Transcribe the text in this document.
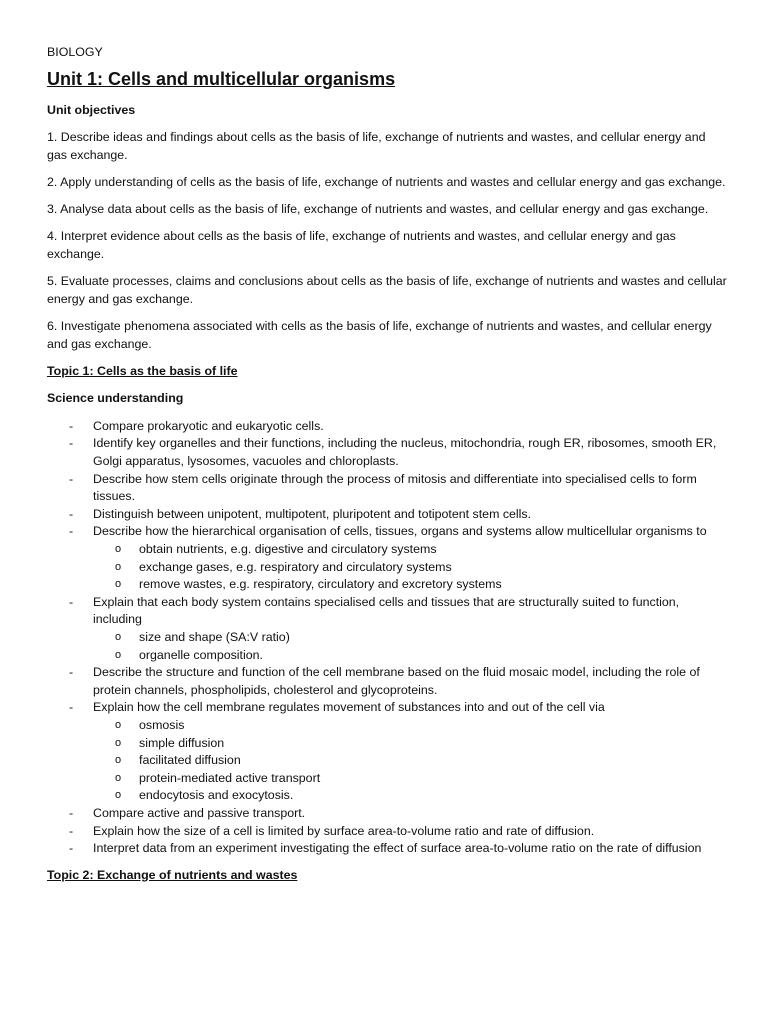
BIOLOGY
Unit 1: Cells and multicellular organisms
Unit objectives
1. Describe ideas and findings about cells as the basis of life, exchange of nutrients and wastes, and cellular energy and gas exchange.
2. Apply understanding of cells as the basis of life, exchange of nutrients and wastes and cellular energy and gas exchange.
3. Analyse data about cells as the basis of life, exchange of nutrients and wastes, and cellular energy and gas exchange.
4. Interpret evidence about cells as the basis of life, exchange of nutrients and wastes, and cellular energy and gas exchange.
5. Evaluate processes, claims and conclusions about cells as the basis of life, exchange of nutrients and wastes and cellular energy and gas exchange.
6. Investigate phenomena associated with cells as the basis of life, exchange of nutrients and wastes, and cellular energy and gas exchange.
Topic 1: Cells as the basis of life
Science understanding
- Compare prokaryotic and eukaryotic cells.
- Identify key organelles and their functions, including the nucleus, mitochondria, rough ER, ribosomes, smooth ER, Golgi apparatus, lysosomes, vacuoles and chloroplasts.
- Describe how stem cells originate through the process of mitosis and differentiate into specialised cells to form tissues.
- Distinguish between unipotent, multipotent, pluripotent and totipotent stem cells.
- Describe how the hierarchical organisation of cells, tissues, organs and systems allow multicellular organisms to
o obtain nutrients, e.g. digestive and circulatory systems
o exchange gases, e.g. respiratory and circulatory systems
o remove wastes, e.g. respiratory, circulatory and excretory systems
- Explain that each body system contains specialised cells and tissues that are structurally suited to function, including
o size and shape (SA:V ratio)
o organelle composition.
- Describe the structure and function of the cell membrane based on the fluid mosaic model, including the role of protein channels, phospholipids, cholesterol and glycoproteins.
- Explain how the cell membrane regulates movement of substances into and out of the cell via
o osmosis
o simple diffusion
o facilitated diffusion
o protein-mediated active transport
o endocytosis and exocytosis.
- Compare active and passive transport.
- Explain how the size of a cell is limited by surface area-to-volume ratio and rate of diffusion.
- Interpret data from an experiment investigating the effect of surface area-to-volume ratio on the rate of diffusion
Topic 2: Exchange of nutrients and wastes
